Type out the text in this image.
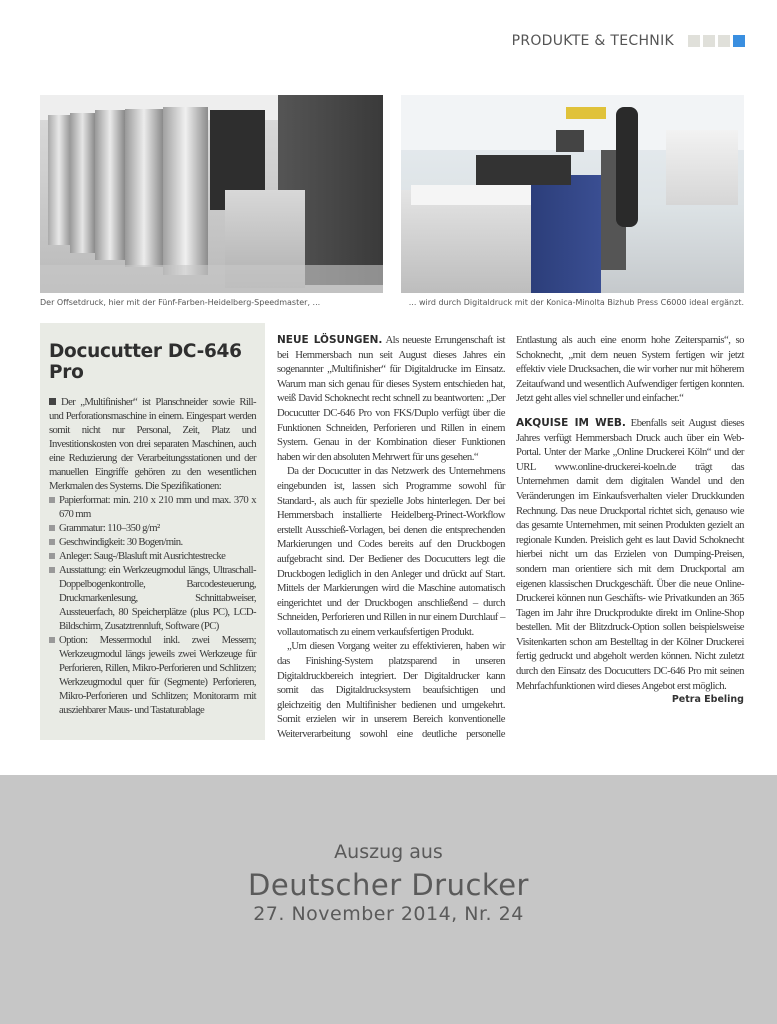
PRODUKTE & TECHNIK
Der Offsetdruck, hier mit der Fünf-Farben-Heidelberg-Speedmaster, ...	... wird durch Digitaldruck mit der Konica-Minolta Bizhub Press C6000 ideal ergänzt.
Docucutter DC-646 Pro

Der „Multifinisher“ ist Planschneider sowie Rill- und Perforationsmaschine in einem. Eingespart werden somit nicht nur Personal, Zeit, Platz und Investitionskosten von drei separaten Maschinen, auch eine Reduzierung der Verarbeitungsstationen und der manuellen Eingriffe gehören zu den wesentlichen Merkmalen des Systems. Die Spezifikationen:

Papierformat: min. 210 x 210 mm und max. 370 x 670 mm

Grammatur: 110–350 g/m²

Geschwindigkeit: 30 Bogen/min.

Anleger: Saug-/Blasluft mit Ausrichtestrecke

Ausstattung: ein Werkzeugmodul längs, Ultraschall-Doppelbogenkontrolle, Barcodesteuerung, Druckmarkenlesung, Schnittabweiser, Aussteuerfach, 80 Speicherplätze (plus PC), LCD-Bildschirm, Zusatztrennluft, Software (PC)

Option: Messermodul inkl. zwei Messern; Werkzeugmodul längs jeweils zwei Werkzeuge für Perforieren, Rillen, Mikro-Perforieren und Schlitzen; Werkzeugmodul quer für (Segmente) Perforieren, Mikro-Perforieren und Schlitzen; Monitorarm mit ausziehbarer Maus- und Tastaturablage

NEUE LÖSUNGEN. Als neueste Errungenschaft ist bei Hemmersbach nun seit August dieses Jahres ein sogenannter „Multifinisher“ für Digitaldrucke im Einsatz. Warum man sich genau für dieses System entschieden hat, weiß David Schoknecht recht schnell zu beantworten: „Der Docucutter DC-646 Pro von FKS/Duplo verfügt über die Funktionen Schneiden, Perforieren und Rillen in einem System. Genau in der Kombination dieser Funktionen haben wir den absoluten Mehrwert für uns gesehen.“

Da der Docucutter in das Netzwerk des Unternehmens eingebunden ist, lassen sich Programme sowohl für Standard-, als auch für spezielle Jobs hinterlegen. Der bei Hemmersbach installierte Heidelberg-Prinect-Workflow erstellt Ausschieß-Vorlagen, bei denen die entsprechenden Markierungen und Codes bereits auf den Druckbogen aufgebracht sind. Der Bediener des Docucutters legt die Druckbogen lediglich in den Anleger und drückt auf Start. Mittels der Markierungen wird die Maschine automatisch eingerichtet und der Druckbogen anschließend – durch Schneiden, Perforieren und Rillen in nur einem Durchlauf – vollautomatisch zu einem verkaufsfertigen Produkt.

„Um diesen Vorgang weiter zu effektivieren, haben wir das Finishing-System platzsparend in unseren Digitaldruckbereich integriert. Der Digitaldrucker kann somit das Digitaldrucksystem beaufsichtigen und gleichzeitig den Multifinisher bedienen und umgekehrt. Somit erzielen wir in unserem Bereich konventionelle Weiterverarbeitung sowohl eine deutliche personelle

Entlastung als auch eine enorm hohe Zeitersparnis“, so Schoknecht, „mit dem neuen System fertigen wir jetzt effektiv viele Drucksachen, die wir vorher nur mit höherem Zeitaufwand und wesentlich Aufwendiger fertigen konnten. Jetzt geht alles viel schneller und einfacher.“

AKQUISE IM WEB. Ebenfalls seit August dieses Jahres verfügt Hemmersbach Druck auch über ein Web-Portal. Unter der Marke „Online Druckerei Köln“ und der URL www.online-druckerei-koeln.de trägt das Unternehmen damit dem digitalen Wandel und den Veränderungen im Einkaufsverhalten vieler Druckkunden Rechnung. Das neue Druckportal richtet sich, genauso wie das gesamte Unternehmen, mit seinen Produkten gezielt an regionale Kunden. Preislich geht es laut David Schoknecht hierbei nicht um das Erzielen von Dumping-Preisen, sondern man orientiere sich mit dem Druckportal am eigenen klassischen Druckgeschäft. Über die neue Online-Druckerei können nun Geschäfts- wie Privatkunden an 365 Tagen im Jahr ihre Druckprodukte direkt im Online-Shop bestellen. Mit der Blitzdruck-Option sollen beispielsweise Visitenkarten schon am Bestelltag in der Kölner Druckerei fertig gedruckt und abgeholt werden können. Nicht zuletzt durch den Einsatz des Docucutters DC-646 Pro mit seinen Mehrfachfunktionen wird dieses Angebot erst möglich.
Petra Ebeling

Auszug aus
Deutscher Drucker
27. November 2014, Nr. 24
